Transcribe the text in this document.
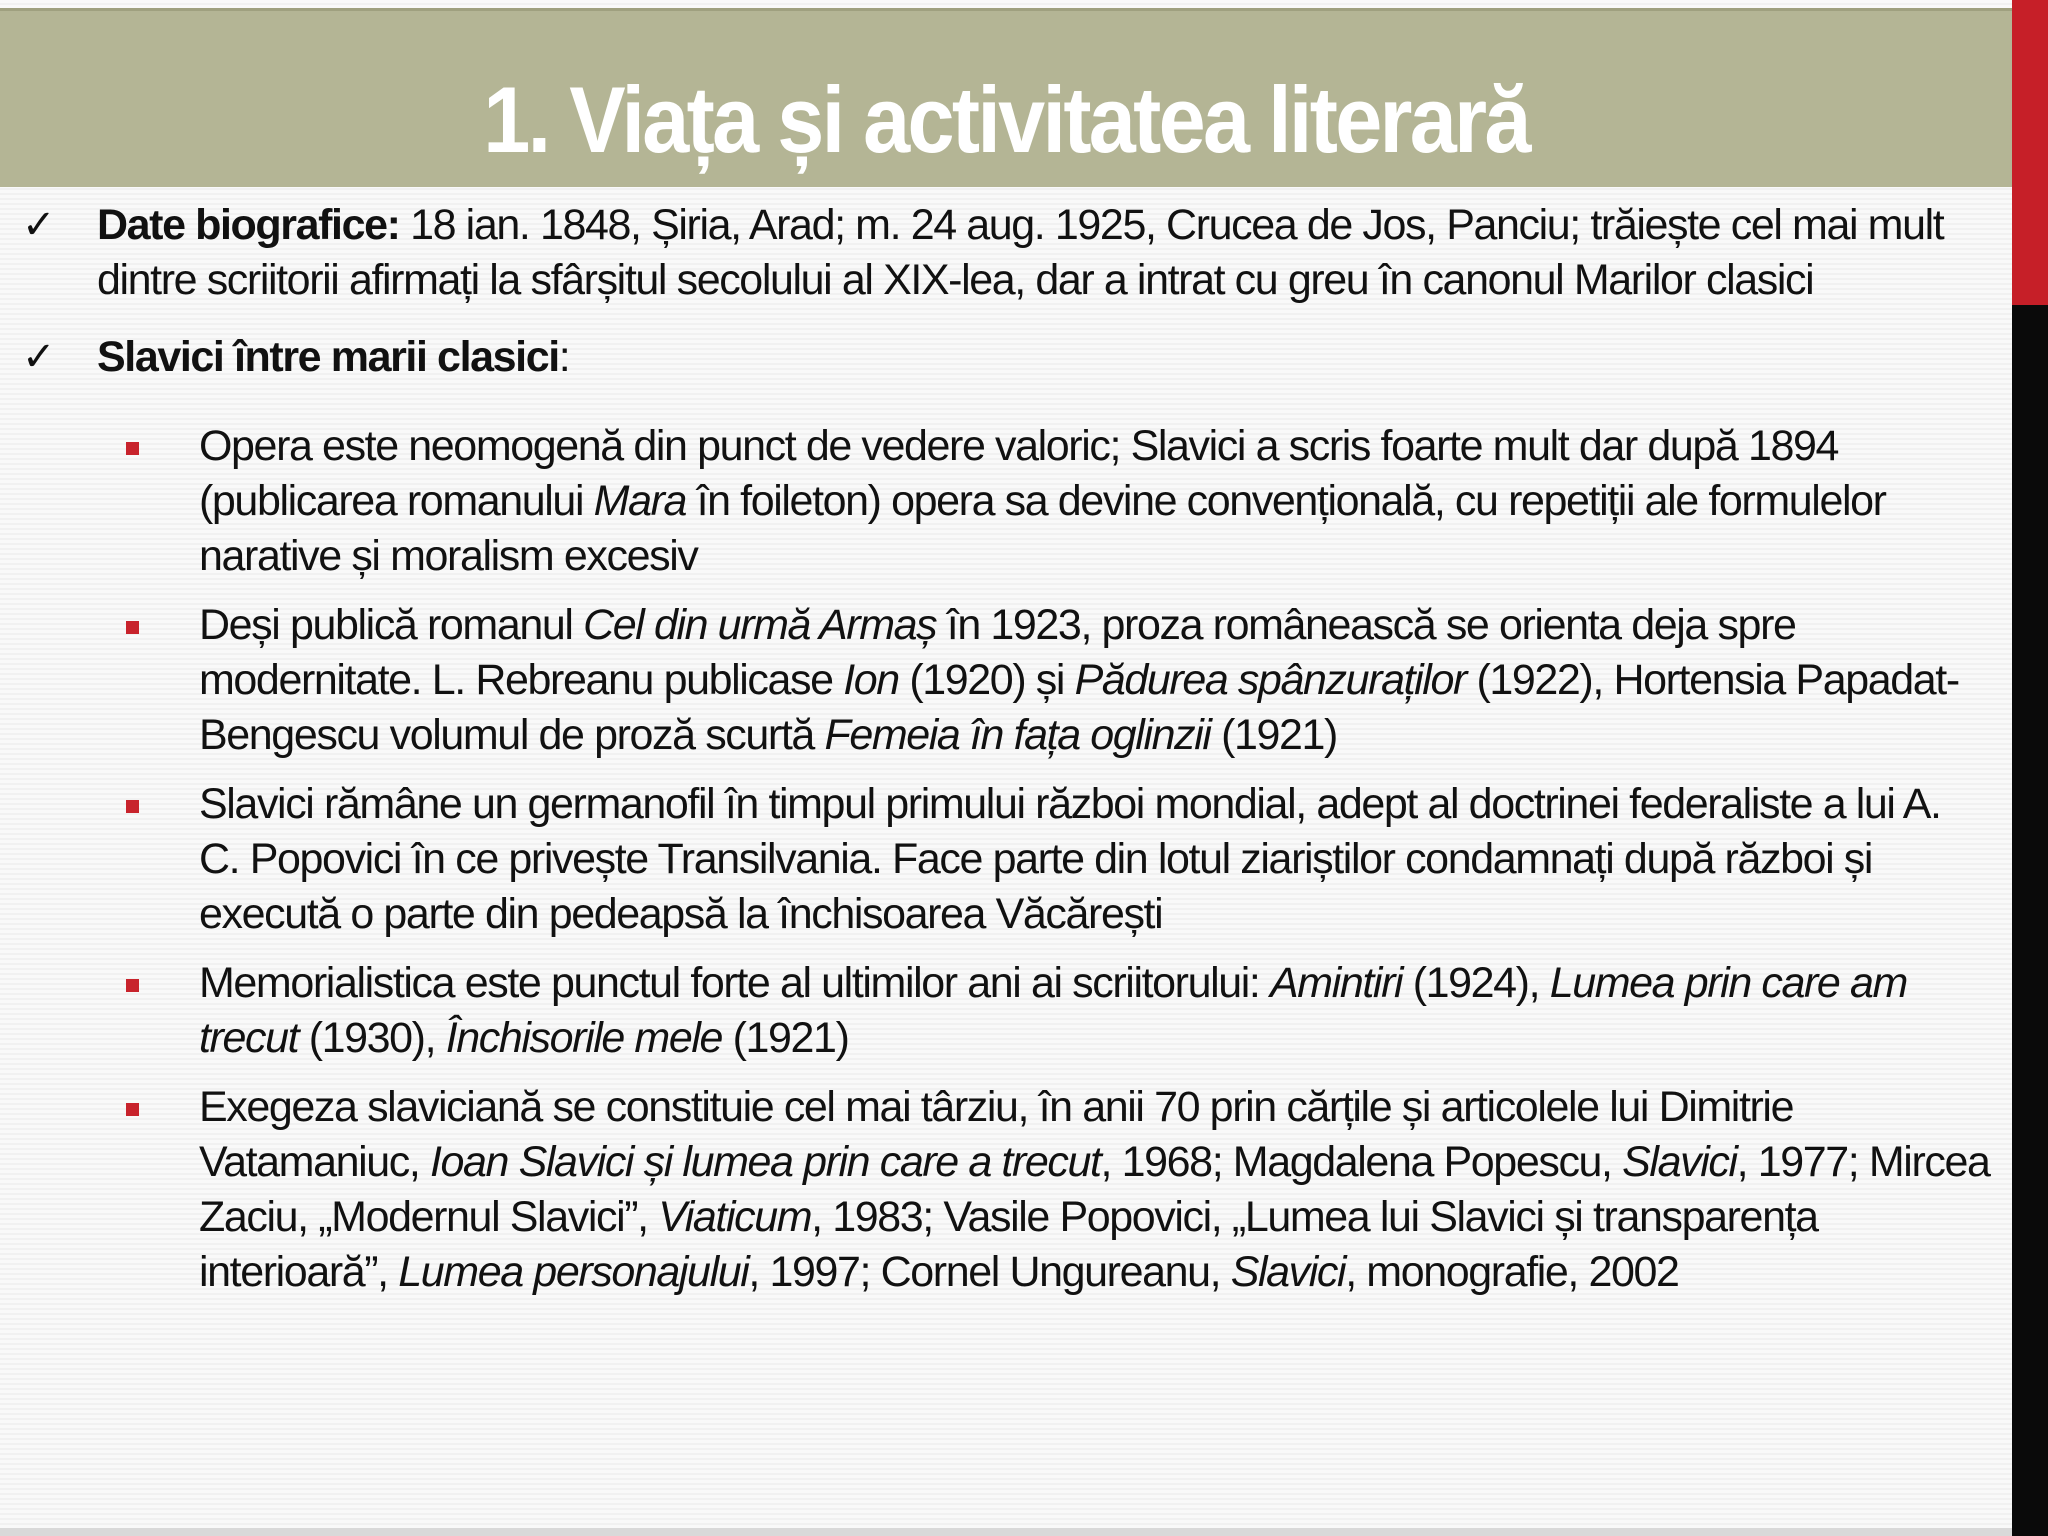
1. Viața și activitatea literară
✓ Date biografice: 18 ian. 1848, Șiria, Arad; m. 24 aug. 1925, Crucea de Jos, Panciu; trăiește cel mai mult dintre scriitorii afirmați la sfârșitul secolului al XIX-lea, dar a intrat cu greu în canonul Marilor clasici
✓ Slavici între marii clasici:
Opera este neomogenă din punct de vedere valoric; Slavici a scris foarte mult dar după 1894 (publicarea romanului Mara în foileton) opera sa devine convențională, cu repetiții ale formulelor narative și moralism excesiv
Deși publică romanul Cel din urmă Armaș în 1923, proza românească se orienta deja spre modernitate. L. Rebreanu publicase Ion (1920) și Pădurea spânzuraților (1922), Hortensia Papadat-Bengescu volumul de proză scurtă Femeia în fața oglinzii (1921)
Slavici rămâne un germanofil în timpul primului război mondial, adept al doctrinei federaliste a lui A. C. Popovici în ce privește Transilvania. Face parte din lotul ziariștilor condamnați după război și execută o parte din pedeapsă la închisoarea Văcărești
Memorialistica este punctul forte al ultimilor ani ai scriitorului: Amintiri (1924), Lumea prin care am trecut (1930), Închisorile mele (1921)
Exegeza slaviciană se constituie cel mai târziu, în anii 70 prin cărțile și articolele lui Dimitrie Vatamaniuc, Ioan Slavici și lumea prin care a trecut, 1968; Magdalena Popescu, Slavici, 1977; Mircea Zaciu, „Modernul Slavici”, Viaticum, 1983; Vasile Popovici, „Lumea lui Slavici și transparența interioară”, Lumea personajului, 1997; Cornel Ungureanu, Slavici, monografie, 2002
